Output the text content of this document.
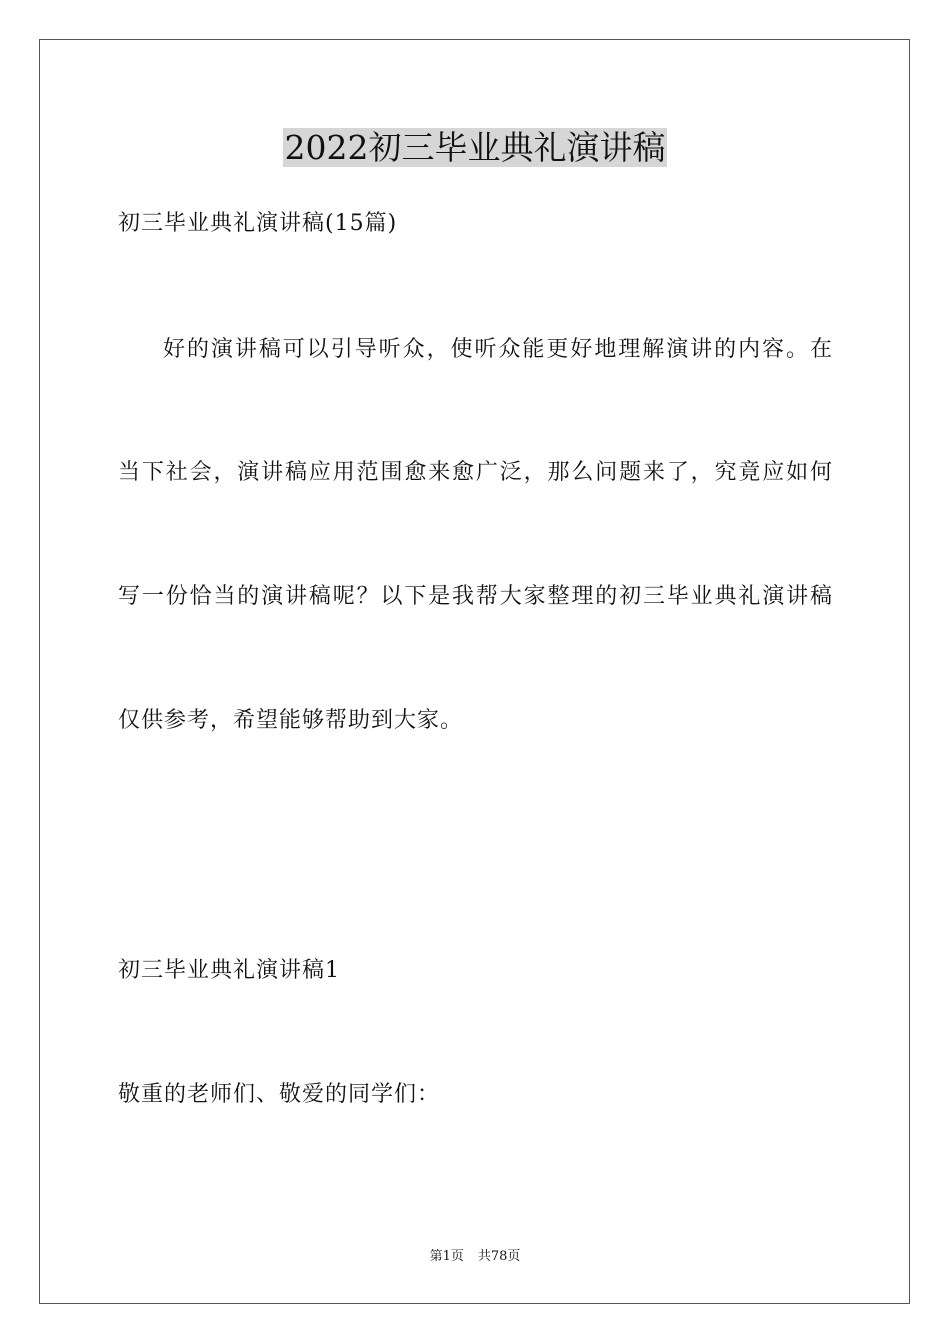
2022初三毕业典礼演讲稿
初三毕业典礼演讲稿(15篇)
好的演讲稿可以引导听众，使听众能更好地理解演讲的内容。在
当下社会，演讲稿应用范围愈来愈广泛，那么问题来了，究竟应如何
写一份恰当的演讲稿呢？以下是我帮大家整理的初三毕业典礼演讲稿
仅供参考，希望能够帮助到大家。
初三毕业典礼演讲稿1
敬重的老师们、敬爱的同学们：
第1页 共78页
